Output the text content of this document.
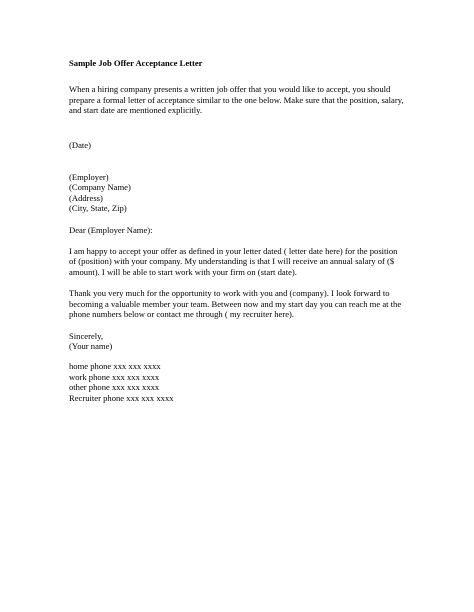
Sample Job Offer Acceptance Letter
When a hiring company presents a written job offer that you would like to accept, you should
prepare a formal letter of acceptance similar to the one below. Make sure that the position, salary,
and start date are mentioned explicitly.
(Date)
(Employer)
(Company Name)
(Address)
(City, State, Zip)
Dear (Employer Name):
I am happy to accept your offer as defined in your letter dated ( letter date here) for the position
of (position) with your company. My understanding is that I will receive an annual salary of ($
amount). I will be able to start work with your firm on (start date).
Thank you very much for the opportunity to work with you and (company). I look forward to
becoming a valuable member your team. Between now and my start day you can reach me at the
phone numbers below or contact me through ( my recruiter here).
Sincerely,
(Your name)
home phone xxx xxx xxxx
work phone xxx xxx xxxx
other phone xxx xxx xxxx
Recruiter phone xxx xxx xxxx
